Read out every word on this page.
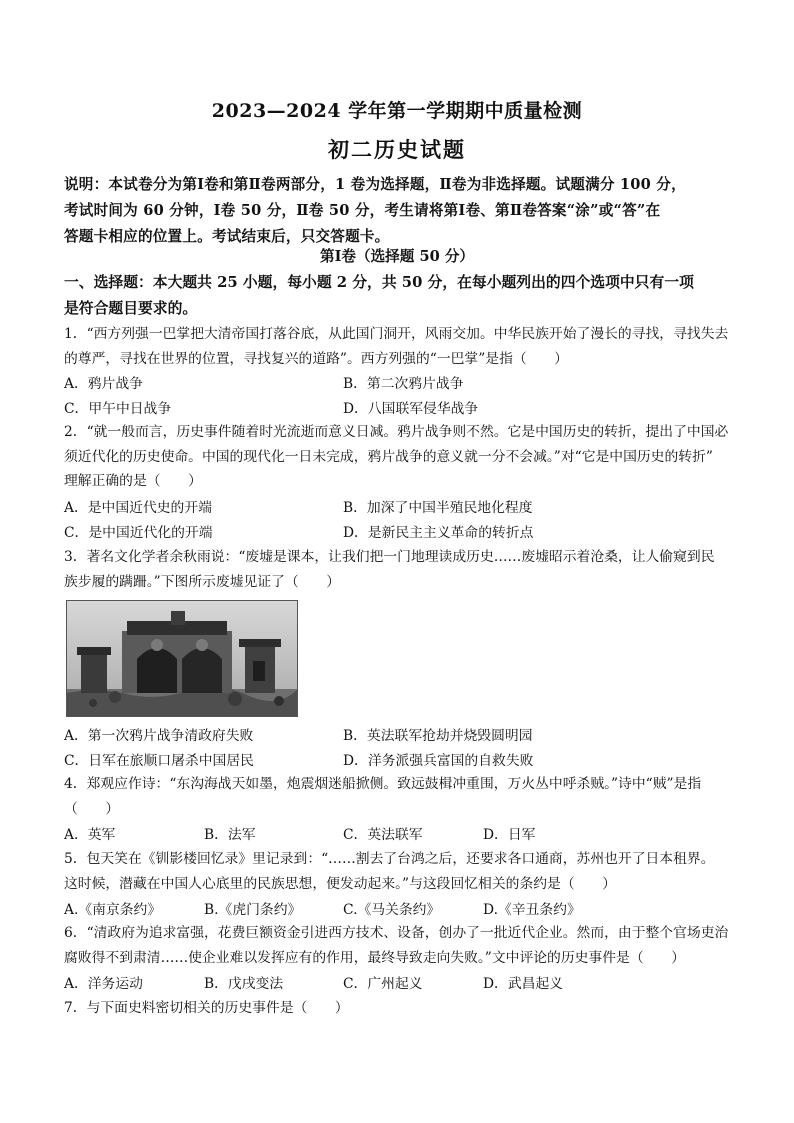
2023—2024 学年第一学期期中质量检测
初二历史试题
说明：本试卷分为第Ⅰ卷和第Ⅱ卷两部分，1 卷为选择题，Ⅱ卷为非选择题。试题满分 100 分，
考试时间为 60 分钟，Ⅰ卷 50 分，Ⅱ卷 50 分，考生请将第Ⅰ卷、第Ⅱ卷答案“涂”或“答”在
答题卡相应的位置上。考试结束后，只交答题卡。
第Ⅰ卷（选择题 50 分）
一、选择题：本大题共 25 小题，每小题 2 分，共 50 分，在每小题列出的四个选项中只有一项
是符合题目要求的。
1．“西方列强一巴掌把大清帝国打落谷底，从此国门洞开，风雨交加。中华民族开始了漫长的寻找，寻找失去
的尊严，寻找在世界的位置，寻找复兴的道路”。西方列强的“一巴掌”是指（　　）
A．鸦片战争	B．第二次鸦片战争
C．甲午中日战争	D．八国联军侵华战争
2．“就一般而言，历史事件随着时光流逝而意义日减。鸦片战争则不然。它是中国历史的转折，提出了中国必
须近代化的历史使命。中国的现代化一日未完成，鸦片战争的意义就一分不会减。”对“它是中国历史的转折”
理解正确的是（　　）
A．是中国近代史的开端	B．加深了中国半殖民地化程度
C．是中国近代化的开端	D．是新民主主义革命的转折点
3．著名文化学者余秋雨说：“废墟是课本，让我们把一门地理读成历史……废墟昭示着沧桑，让人偷窥到民
族步履的蹒跚。”下图所示废墟见证了（　　）
A．第一次鸦片战争清政府失败	B．英法联军抢劫并烧毁圆明园
C．日军在旅顺口屠杀中国居民	D．洋务派强兵富国的自救失败
4．郑观应作诗：“东沟海战天如墨，炮震烟迷船掀侧。致远鼓楫冲重围，万火丛中呼杀贼。”诗中“贼”是指
（　　）
A．英军	B．法军	C．英法联军	D．日军
5．包天笑在《钏影楼回忆录》里记录到：“……割去了台鸿之后，还要求各口通商，苏州也开了日本租界。
这时候，潜藏在中国人心底里的民族思想，便发动起来。”与这段回忆相关的条约是（　　）
A.《南京条约》	B.《虎门条约》	C.《马关条约》	D.《辛丑条约》
6．“清政府为追求富强，花费巨额资金引进西方技术、设备，创办了一批近代企业。然而，由于整个官场吏治
腐败得不到肃清……使企业难以发挥应有的作用，最终导致走向失败。”文中评论的历史事件是（　　）
A．洋务运动	B．戊戌变法	C．广州起义	D．武昌起义
7．与下面史料密切相关的历史事件是（　　）
